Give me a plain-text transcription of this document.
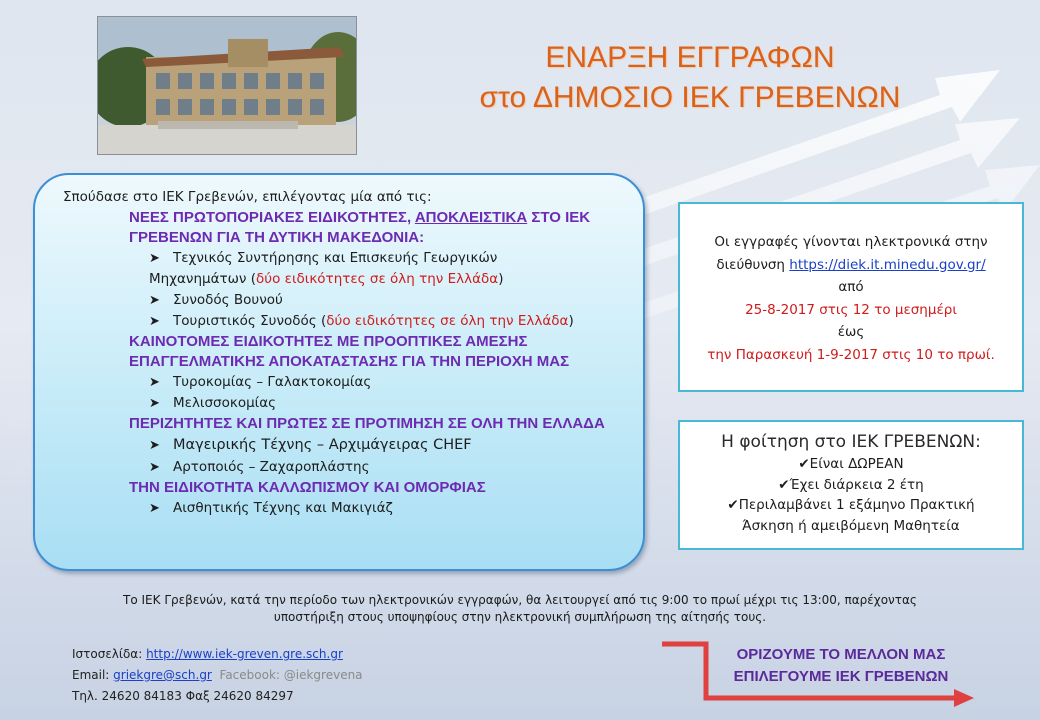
ΕΝΑΡΞΗ ΕΓΓΡΑΦΩΝ
στο ΔΗΜΟΣΙΟ ΙΕΚ ΓΡΕΒΕΝΩΝ
Σπούδασε στο ΙΕΚ Γρεβενών, επιλέγοντας μία από τις:
ΝΕΕΣ ΠΡΩΤΟΠΟΡΙΑΚΕΣ ΕΙΔΙΚΟΤΗΤΕΣ, ΑΠΟΚΛΕΙΣΤΙΚΑ ΣΤΟ ΙΕΚ ΓΡΕΒΕΝΩΝ ΓΙΑ ΤΗ ΔΥΤΙΚΗ ΜΑΚΕΔΟΝΙΑ:
➤ Τεχνικός Συντήρησης και Επισκευής Γεωργικών
Μηχανημάτων (δύο ειδικότητες σε όλη την Ελλάδα)
➤ Συνοδός Βουνού
➤ Τουριστικός Συνοδός (δύο ειδικότητες σε όλη την Ελλάδα)
ΚΑΙΝΟΤΟΜΕΣ ΕΙΔΙΚΟΤΗΤΕΣ ΜΕ ΠΡΟΟΠΤΙΚΕΣ ΑΜΕΣΗΣ ΕΠΑΓΓΕΛΜΑΤΙΚΗΣ ΑΠΟΚΑΤΑΣΤΑΣΗΣ ΓΙΑ ΤΗΝ ΠΕΡΙΟΧΗ ΜΑΣ
➤ Τυροκομίας – Γαλακτοκομίας
➤ Μελισσοκομίας
ΠΕΡΙΖΗΤΗΤΕΣ ΚΑΙ ΠΡΩΤΕΣ ΣΕ ΠΡΟΤΙΜΗΣΗ ΣΕ ΟΛΗ ΤΗΝ ΕΛΛΑΔΑ
➤ Μαγειρικής Τέχνης – Αρχιμάγειρας CHEF
➤ Αρτοποιός – Ζαχαροπλάστης
ΤΗΝ ΕΙΔΙΚΟΤΗΤΑ ΚΑΛΛΩΠΙΣΜΟΥ ΚΑΙ ΟΜΟΡΦΙΑΣ
➤ Αισθητικής Τέχνης και Μακιγιάζ
Οι εγγραφές γίνονται ηλεκτρονικά στην
διεύθυνση https://diek.it.minedu.gov.gr/
από
25-8-2017 στις 12 το μεσημέρι
έως
την Παρασκευή 1-9-2017 στις 10 το πρωί.
Η φοίτηση στο ΙΕΚ ΓΡΕΒΕΝΩΝ:
✔Είναι ΔΩΡΕΑΝ
✔Έχει διάρκεια 2 έτη
✔Περιλαμβάνει 1 εξάμηνο Πρακτική
Άσκηση ή αμειβόμενη Μαθητεία
Το ΙΕΚ Γρεβενών, κατά την περίοδο των ηλεκτρονικών εγγραφών, θα λειτουργεί από τις 9:00 το πρωί μέχρι τις 13:00, παρέχοντας
υποστήριξη στους υποψηφίους στην ηλεκτρονική συμπλήρωση της αίτησής τους.
Ιστοσελίδα: http://www.iek-greven.gre.sch.gr
Email: griekgre@sch.gr Facebook: @iekgrevena
Τηλ. 24620 84183 Φαξ 24620 84297
ΟΡΙΖΟΥΜΕ ΤΟ ΜΕΛΛΟΝ ΜΑΣ
ΕΠΙΛΕΓΟΥΜΕ ΙΕΚ ΓΡΕΒΕΝΩΝ
